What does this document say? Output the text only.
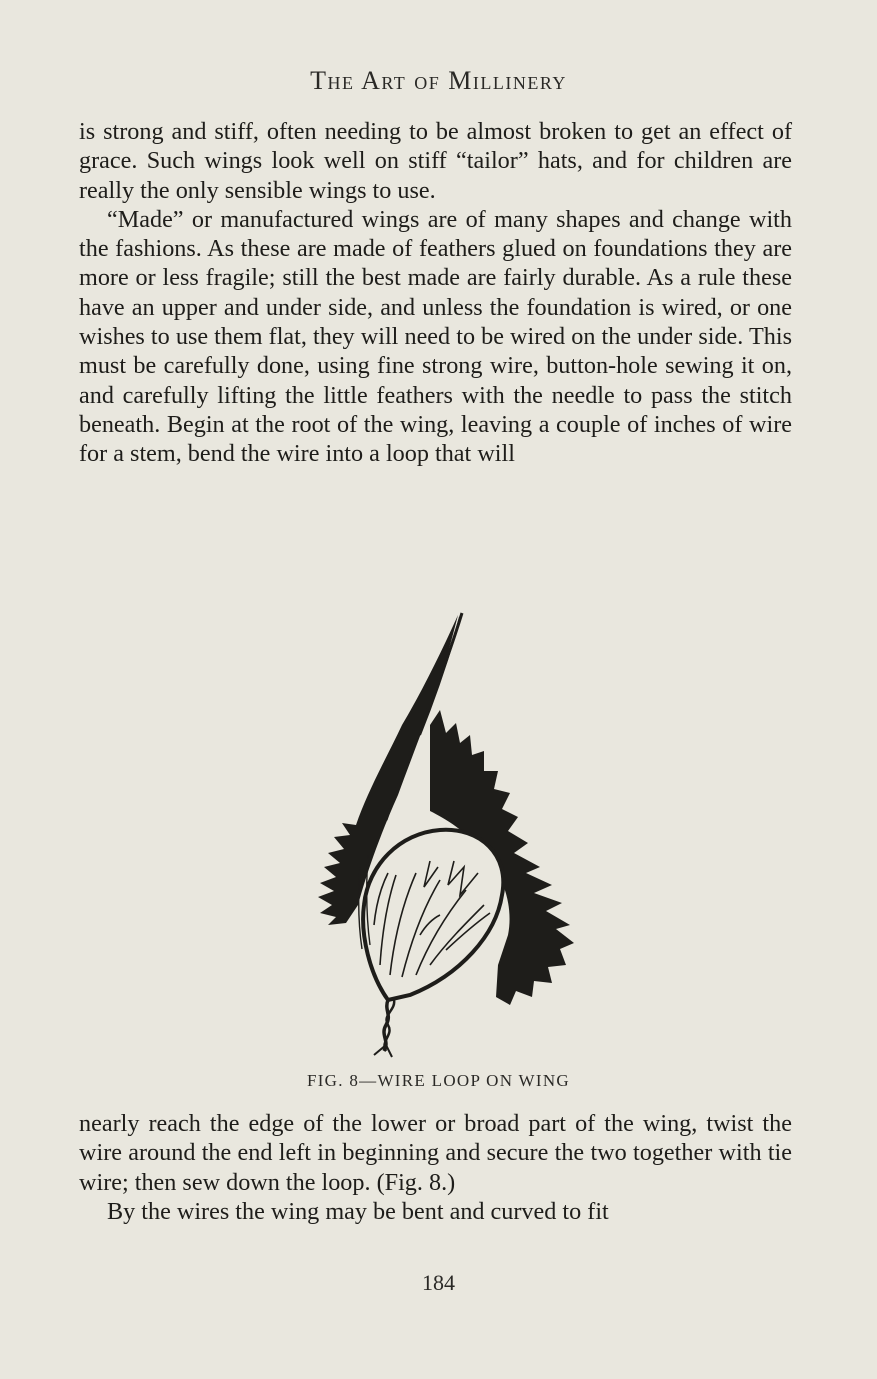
The Art of Millinery

is strong and stiff, often needing to be almost broken to get an effect of grace. Such wings look well on stiff “tailor” hats, and for children are really the only sensible wings to use.

“Made” or manufactured wings are of many shapes and change with the fashions. As these are made of feathers glued on foundations they are more or less fragile; still the best made are fairly durable. As a rule these have an upper and under side, and unless the foundation is wired, or one wishes to use them flat, they will need to be wired on the under side. This must be carefully done, using fine strong wire, button-hole sewing it on, and carefully lifting the little feathers with the needle to pass the stitch beneath. Begin at the root of the wing, leaving a couple of inches of wire for a stem, bend the wire into a loop that will

FIG. 8—WIRE LOOP ON WING

nearly reach the edge of the lower or broad part of the wing, twist the wire around the end left in beginning and secure the two together with tie wire; then sew down the loop. (Fig. 8.)

By the wires the wing may be bent and curved to fit

184
